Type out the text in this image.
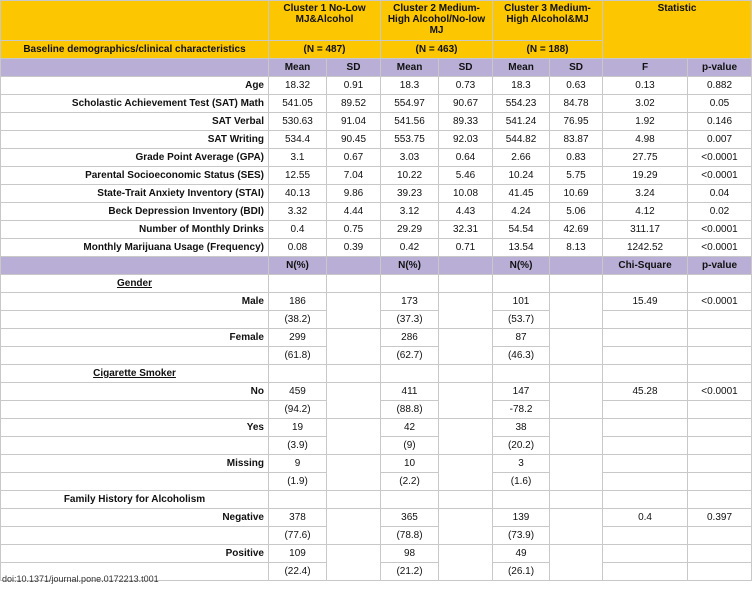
	Cluster 1 No-Low MJ&Alcohol		Cluster 2 Medium-High Alcohol/No-low MJ		Cluster 3 Medium-High Alcohol&MJ		Statistic	
Baseline demographics/clinical characteristics	(N = 487)		(N = 463)		(N = 188)			
	Mean	SD	Mean	SD	Mean	SD	F	p-value
Age	18.32	0.91	18.3	0.73	18.3	0.63	0.13	0.882
Scholastic Achievement Test (SAT) Math	541.05	89.52	554.97	90.67	554.23	84.78	3.02	0.05
SAT Verbal	530.63	91.04	541.56	89.33	541.24	76.95	1.92	0.146
SAT Writing	534.4	90.45	553.75	92.03	544.82	83.87	4.98	0.007
Grade Point Average (GPA)	3.1	0.67	3.03	0.64	2.66	0.83	27.75	<0.0001
Parental Socioeconomic Status (SES)	12.55	7.04	10.22	5.46	10.24	5.75	19.29	<0.0001
State-Trait Anxiety Inventory (STAI)	40.13	9.86	39.23	10.08	41.45	10.69	3.24	0.04
Beck Depression Inventory (BDI)	3.32	4.44	3.12	4.43	4.24	5.06	4.12	0.02
Number of Monthly Drinks	0.4	0.75	29.29	32.31	54.54	42.69	311.17	<0.0001
Monthly Marijuana Usage (Frequency)	0.08	0.39	0.42	0.71	13.54	8.13	1242.52	<0.0001
	N(%)		N(%)		N(%)		Chi-Square	p-value
Gender								
Male	186		173		101		15.49	<0.0001
	(38.2)		(37.3)		(53.7)			
Female	299		286		87			
	(61.8)		(62.7)		(46.3)			
Cigarette Smoker								
No	459		411		147		45.28	<0.0001
	(94.2)		(88.8)		-78.2			
Yes	19		42		38			
	(3.9)		(9)		(20.2)			
Missing	9		10		3			
	(1.9)		(2.2)		(1.6)			
Family History for Alcoholism								
Negative	378		365		139		0.4	0.397
	(77.6)		(78.8)		(73.9)			
Positive	109		98		49			
	(22.4)		(21.2)		(26.1)			
doi:10.1371/journal.pone.0172213.t001
